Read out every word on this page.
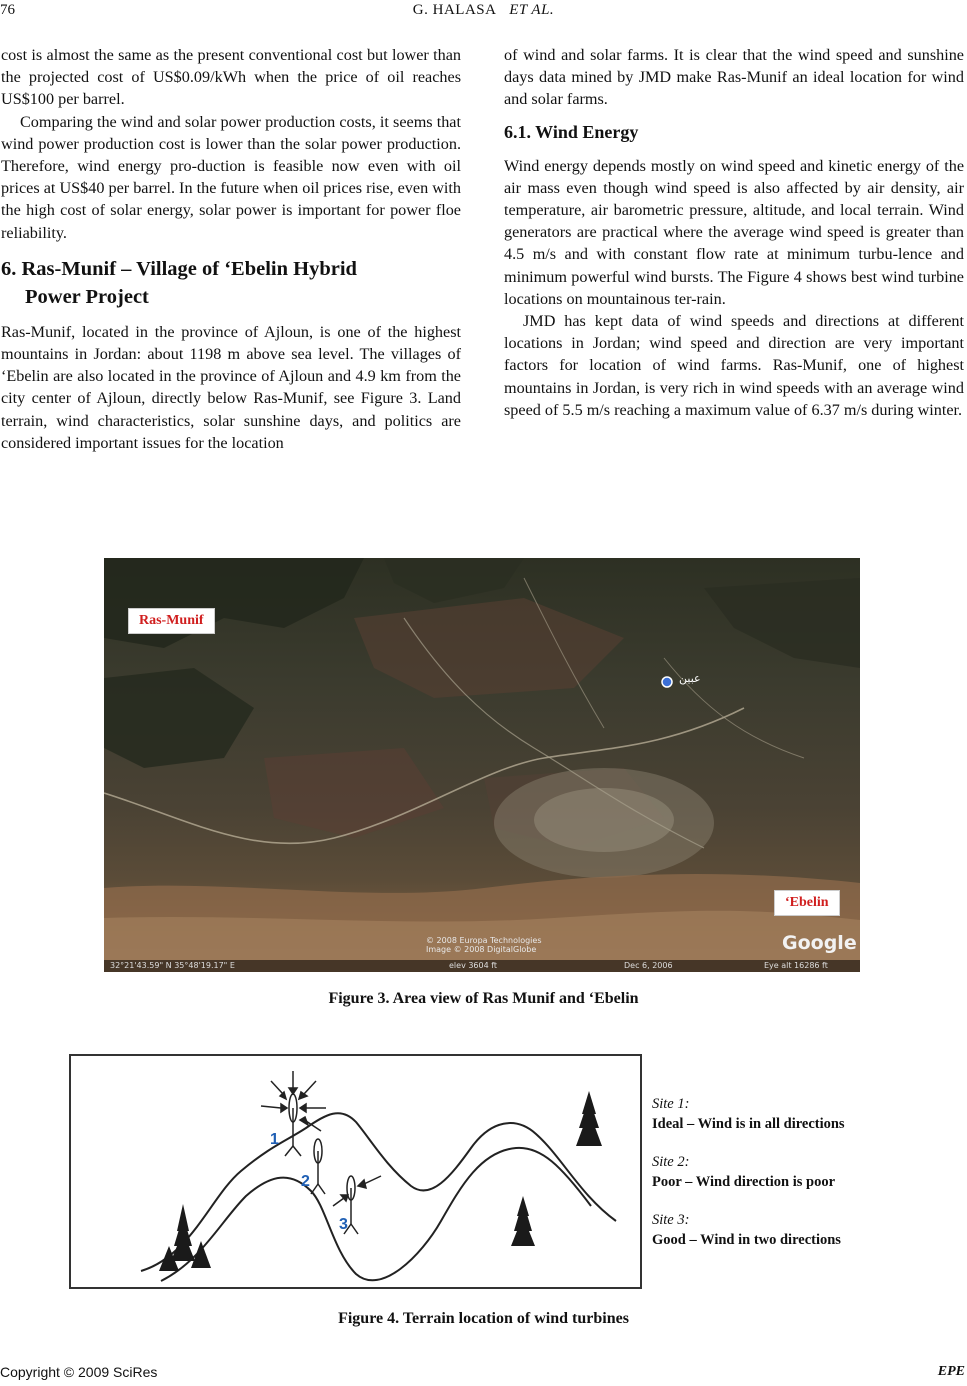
76	G. HALASA ET AL.

cost is almost the same as the present conventional cost but lower than the projected cost of US$0.09/kWh when the price of oil reaches US$100 per barrel.

Comparing the wind and solar power production costs, it seems that wind power production cost is lower than the solar power production. Therefore, wind energy pro-duction is feasible now even with oil prices at US$40 per barrel. In the future when oil prices rise, even with the high cost of solar energy, solar power is important for power floe reliability.

6. Ras-Munif – Village of ‘Ebelin Hybrid
Power Project

Ras-Munif, located in the province of Ajloun, is one of the highest mountains in Jordan: about 1198 m above sea level. The villages of ‘Ebelin are also located in the province of Ajloun and 4.9 km from the city center of Ajloun, directly below Ras-Munif, see Figure 3. Land terrain, wind characteristics, solar sunshine days, and politics are considered important issues for the location

of wind and solar farms. It is clear that the wind speed and sunshine days data mined by JMD make Ras-Munif an ideal location for wind and solar farms.

6.1. Wind Energy

Wind energy depends mostly on wind speed and kinetic energy of the air mass even though wind speed is also affected by air density, air temperature, air barometric pressure, altitude, and local terrain. Wind generators are practical where the average wind speed is greater than 4.5 m/s and with constant flow rate at minimum turbu-lence and minimum powerful wind bursts. The Figure 4 shows best wind turbine locations on mountainous ter-rain.

JMD has kept data of wind speeds and directions at different locations in Jordan; wind speed and direction are very important factors for location of wind farms. Ras-Munif, one of highest mountains in Jordan, is very rich in wind speeds with an average wind speed of 5.5 m/s reaching a maximum value of 6.37 m/s during winter.

عبين
Ras-Munif
‘Ebelin
© 2008 Europa Technologies
Image © 2008 DigitalGlobe	Google
32°21'43.59" N 35°48'19.17" E	elev 3604 ft	Dec 6, 2006	Eye alt 16286 ft
Figure 3. Area view of Ras Munif and ‘Ebelin
1
2
3
Site 1:
Ideal – Wind is in all directions
Site 2:
Poor – Wind direction is poor
Site 3:
Good – Wind in two directions
Figure 4. Terrain location of wind turbines
Copyright © 2009 SciRes	EPE
